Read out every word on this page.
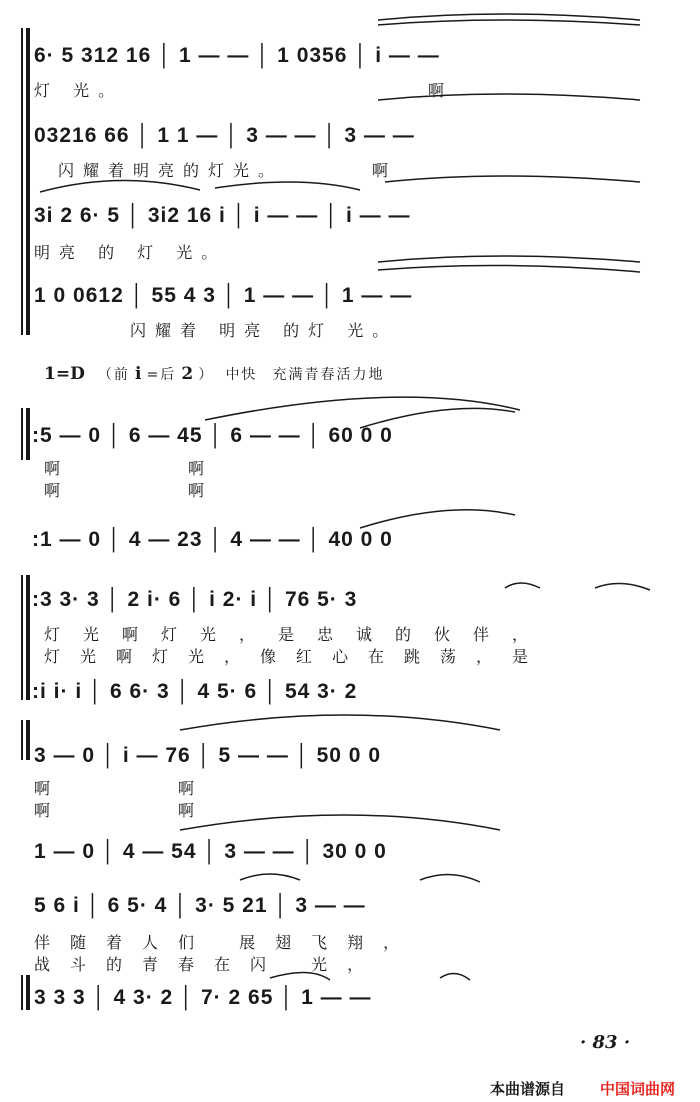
6· 5 312 16 │ 1 — — │ 1 0356 │ i — —
灯 光。	啊
03216 66 │ 1 1 — │ 3 — — │ 3 — —
闪耀着明亮的灯光。	啊
3i 2 6· 5 │ 3i2 16 i │ i — — │ i — —
明亮 的 灯 光。
1 0 0612 │ 55 4 3 │ 1 — — │ 1 — —
闪耀着 明亮 的灯 光。
1=D （前 i =后 2 ） 中快 充满青春活力地
:5 — 0 │ 6 — 45 │ 6 — — │ 60 0 0
啊	啊
啊	啊
:1 — 0 │ 4 — 23 │ 4 — — │ 40 0 0
:3 3· 3 │ 2 i· 6 │ i 2· i │ 76 5· 3
灯光啊灯光，是忠诚的伙伴，
灯光啊灯光，像红心在跳荡，是
:i i· i │ 6 6· 3 │ 4 5· 6 │ 54 3· 2
3 — 0 │ i — 76 │ 5 — — │ 50 0 0
啊	啊
啊	啊
1 — 0 │ 4 — 54 │ 3 — — │ 30 0 0
5 6 i │ 6 5· 4 │ 3· 5 21 │ 3 — —
伴随着人们 展翅飞翔，
战斗的青春在闪 光，
3 3 3 │ 4 3· 2 │ 7· 2 65 │ 1 — —
· 83 ·
本曲谱源自 中国词曲网
